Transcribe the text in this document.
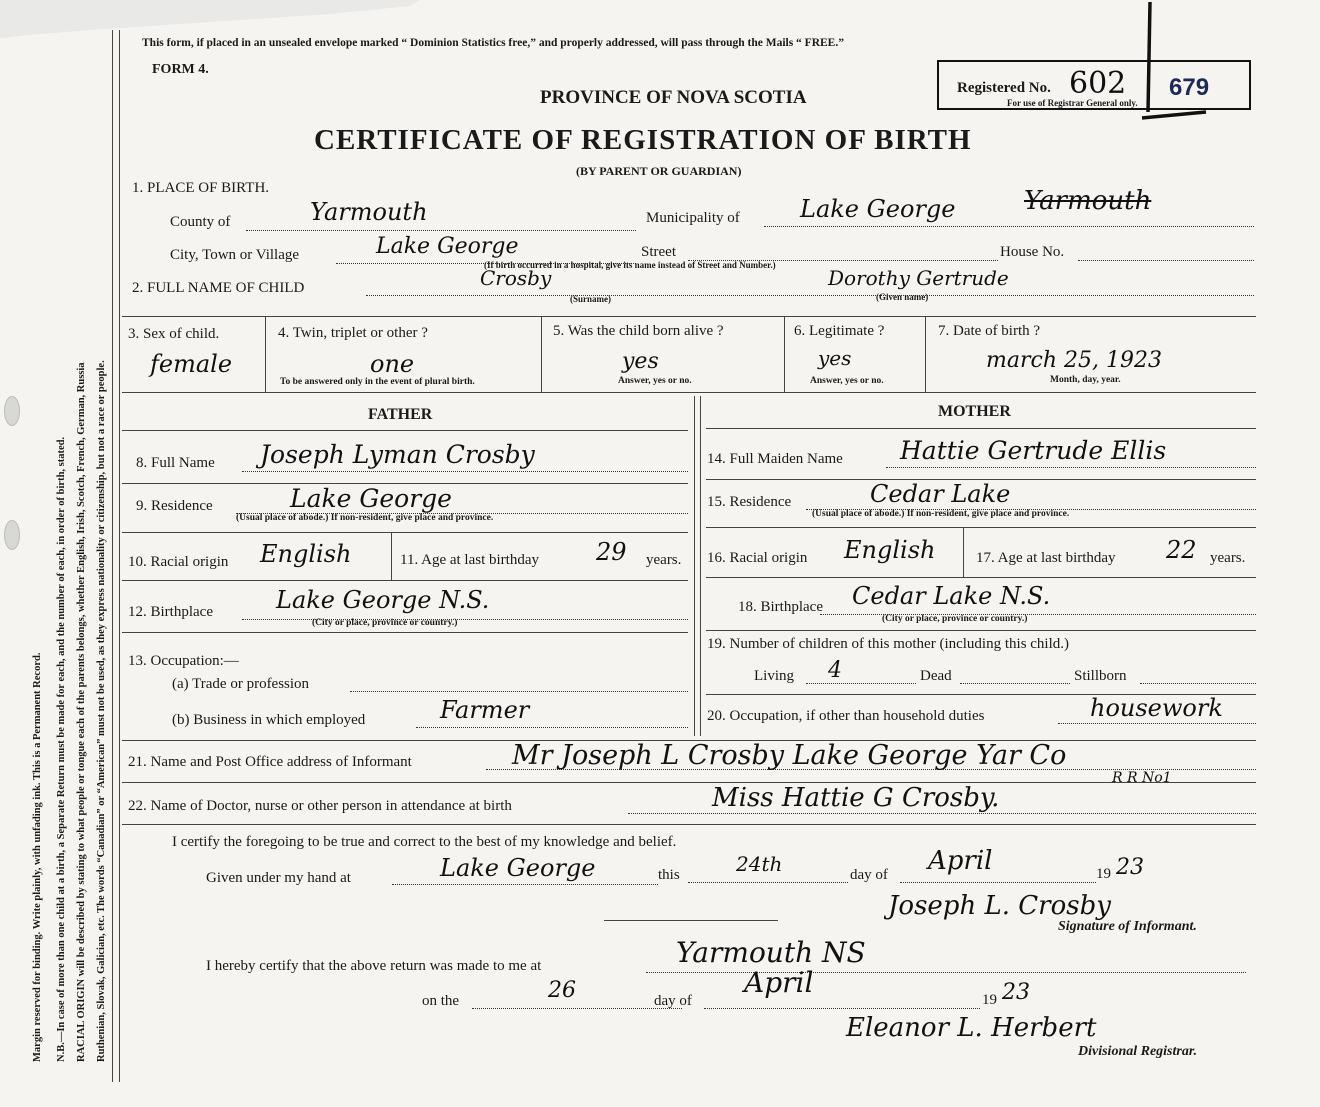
Margin reserved for binding. Write plainly, with unfading ink. This is a Permanent Record. N.B.—In case of more than one child at a birth, a Separate Return must be made for each, and the number of each, in order of birth, stated. RACIAL ORIGIN will be described by stating to what people or tongue each of the parents belongs, whether English, Irish, Scotch, French, German, Russia Ruthenian, Slovak, Galician, etc. The words “Canadian” or “American” must not be used, as they express nationality or citizenship, but not a race or people.
This form, if placed in an unsealed envelope marked “ Dominion Statistics free,” and properly addressed, will pass through the Mails “ FREE.”
FORM 4.
PROVINCE OF NOVA SCOTIA
CERTIFICATE OF REGISTRATION OF BIRTH
(BY PARENT OR GUARDIAN)
Registered No.
For use of Registrar General only.
602 679
1. PLACE OF BIRTH.
County of	Yarmouth	Municipality of	Lake George	Yarmouth
City, Town or Village	Lake George	Street	House No.
(If birth occurred in a hospital, give its name instead of Street and Number.)
2. FULL NAME OF CHILD	Crosby
(Surname)
Dorothy Gertrude
(Given name)
3. Sex of child.
female
4. Twin, triplet or other ?
one
To be answered only in the event of plural birth.
5. Was the child born alive ?
yes
Answer, yes or no.
6. Legitimate ?
yes
Answer, yes or no.
7. Date of birth ?
march 25, 1923
Month, day, year.
FATHER	MOTHER
8. Full Name Joseph Lyman Crosby
9. Residence	Lake George
(Usual place of abode.) If non-resident, give place and province.
10. Racial origin English	11. Age at last birthday 29 years.
12. Birthplace	Lake George N.S.
(City or place, province or country.)
13. Occupation:—
(a) Trade or profession
(b) Business in which employed	Farmer
14. Full Maiden Name Hattie Gertrude Ellis
15. Residence	Cedar Lake
(Usual place of abode.) If non-resident, give place and province.
16. Racial origin English	17. Age at last birthday 22 years.
18. Birthplace Cedar Lake N.S.
(City or place, province or country.)
19. Number of children of this mother (including this child.)
Living 4	Dead	Stillborn
20. Occupation, if other than household duties	housework
21. Name and Post Office address of Informant	Mr Joseph L Crosby Lake George Yar Co
R R No1
22. Name of Doctor, nurse or other person in attendance at birth	Miss Hattie G Crosby.
I certify the foregoing to be true and correct to the best of my knowledge and belief.
Given under my hand at	Lake George	this	24th	day of April	19 23
Joseph L. Crosby
Signature of Informant.
I hereby certify that the above return was made to me at	Yarmouth NS
on the	26	day of
April
19 23
Eleanor L. Herbert
Divisional Registrar.
